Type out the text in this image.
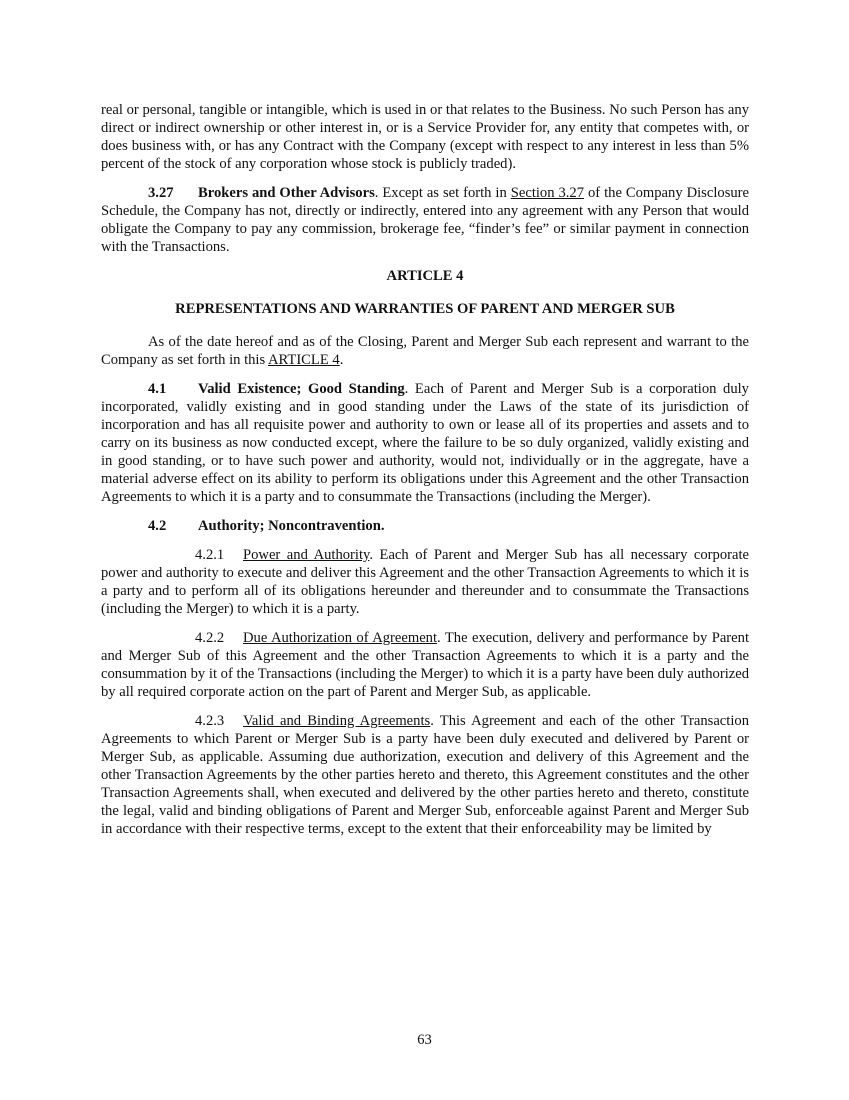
real or personal, tangible or intangible, which is used in or that relates to the Business. No such Person has any direct or indirect ownership or other interest in, or is a Service Provider for, any entity that competes with, or does business with, or has any Contract with the Company (except with respect to any interest in less than 5% percent of the stock of any corporation whose stock is publicly traded).

3.27 Brokers and Other Advisors. Except as set forth in Section 3.27 of the Company Disclosure Schedule, the Company has not, directly or indirectly, entered into any agreement with any Person that would obligate the Company to pay any commission, brokerage fee, “finder’s fee” or similar payment in connection with the Transactions.

ARTICLE 4

REPRESENTATIONS AND WARRANTIES OF PARENT AND MERGER SUB

As of the date hereof and as of the Closing, Parent and Merger Sub each represent and warrant to the Company as set forth in this ARTICLE 4.

4.1 Valid Existence; Good Standing. Each of Parent and Merger Sub is a corporation duly incorporated, validly existing and in good standing under the Laws of the state of its jurisdiction of incorporation and has all requisite power and authority to own or lease all of its properties and assets and to carry on its business as now conducted except, where the failure to be so duly organized, validly existing and in good standing, or to have such power and authority, would not, individually or in the aggregate, have a material adverse effect on its ability to perform its obligations under this Agreement and the other Transaction Agreements to which it is a party and to consummate the Transactions (including the Merger).

4.2 Authority; Noncontravention.

4.2.1 Power and Authority. Each of Parent and Merger Sub has all necessary corporate power and authority to execute and deliver this Agreement and the other Transaction Agreements to which it is a party and to perform all of its obligations hereunder and thereunder and to consummate the Transactions (including the Merger) to which it is a party.

4.2.2 Due Authorization of Agreement. The execution, delivery and performance by Parent and Merger Sub of this Agreement and the other Transaction Agreements to which it is a party and the consummation by it of the Transactions (including the Merger) to which it is a party have been duly authorized by all required corporate action on the part of Parent and Merger Sub, as applicable.

4.2.3 Valid and Binding Agreements. This Agreement and each of the other Transaction Agreements to which Parent or Merger Sub is a party have been duly executed and delivered by Parent or Merger Sub, as applicable. Assuming due authorization, execution and delivery of this Agreement and the other Transaction Agreements by the other parties hereto and thereto, this Agreement constitutes and the other Transaction Agreements shall, when executed and delivered by the other parties hereto and thereto, constitute the legal, valid and binding obligations of Parent and Merger Sub, enforceable against Parent and Merger Sub in accordance with their respective terms, except to the extent that their enforceability may be limited by

63
